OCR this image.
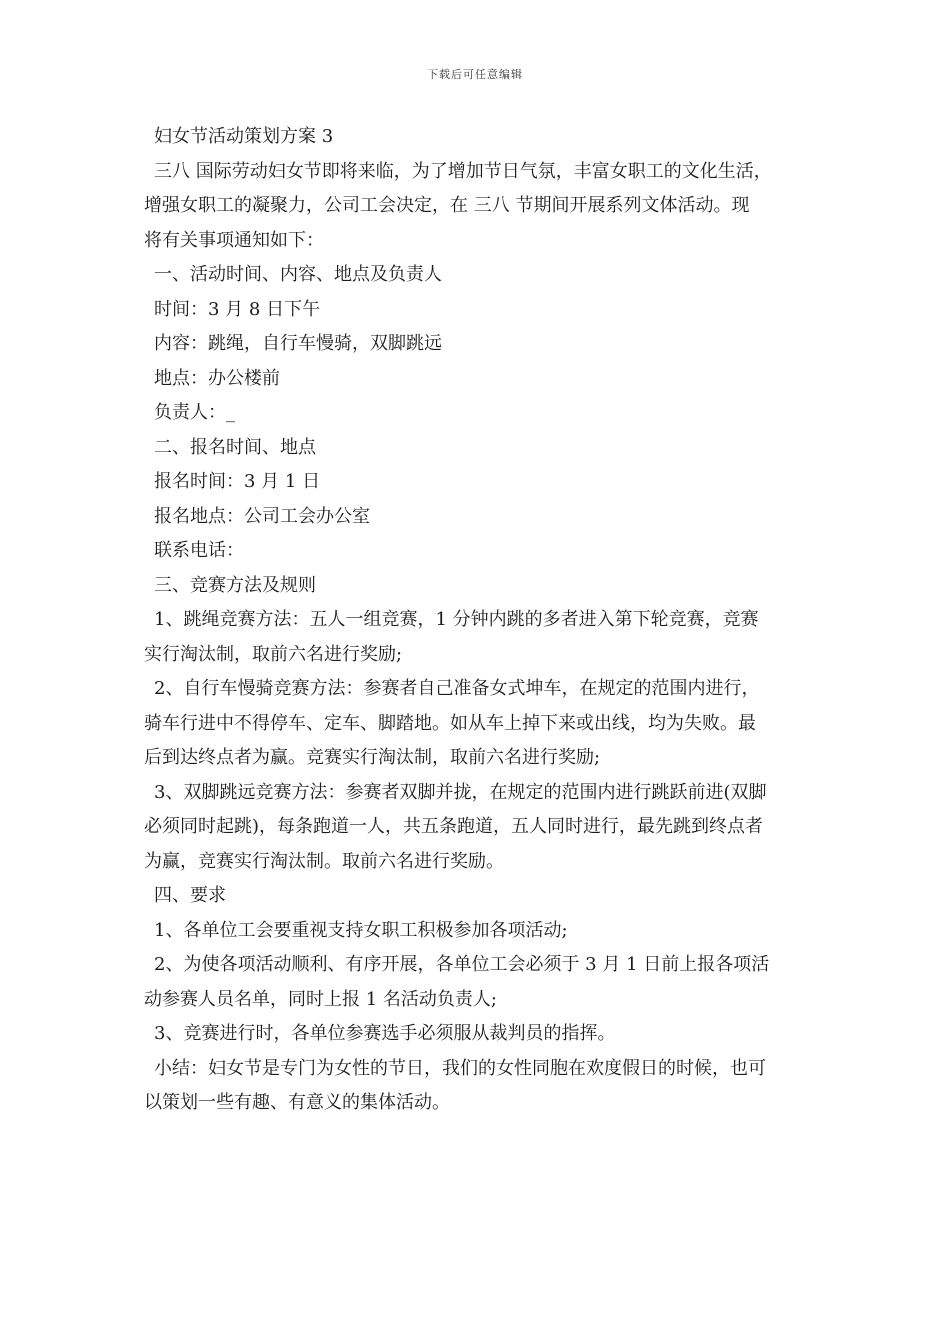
下载后可任意编辑
妇女节活动策划方案 3
三八 国际劳动妇女节即将来临，为了增加节日气氛，丰富女职工的文化生活，
增强女职工的凝聚力，公司工会决定，在 三八 节期间开展系列文体活动。现
将有关事项通知如下：
一、活动时间、内容、地点及负责人
时间：3 月 8 日下午
内容：跳绳，自行车慢骑，双脚跳远
地点：办公楼前
负责人：_
二、报名时间、地点
报名时间：3 月 1 日
报名地点：公司工会办公室
联系电话：
三、竞赛方法及规则
1、跳绳竞赛方法：五人一组竞赛，1 分钟内跳的多者进入第下轮竞赛，竞赛
实行淘汰制，取前六名进行奖励;
2、自行车慢骑竞赛方法：参赛者自己准备女式坤车，在规定的范围内进行，
骑车行进中不得停车、定车、脚踏地。如从车上掉下来或出线，均为失败。最
后到达终点者为赢。竞赛实行淘汰制，取前六名进行奖励;
3、双脚跳远竞赛方法：参赛者双脚并拢，在规定的范围内进行跳跃前进(双脚
必须同时起跳)，每条跑道一人，共五条跑道，五人同时进行，最先跳到终点者
为赢，竞赛实行淘汰制。取前六名进行奖励。
四、要求
1、各单位工会要重视支持女职工积极参加各项活动;
2、为使各项活动顺利、有序开展，各单位工会必须于 3 月 1 日前上报各项活
动参赛人员名单，同时上报 1 名活动负责人;
3、竞赛进行时，各单位参赛选手必须服从裁判员的指挥。
小结：妇女节是专门为女性的节日，我们的女性同胞在欢度假日的时候，也可
以策划一些有趣、有意义的集体活动。
